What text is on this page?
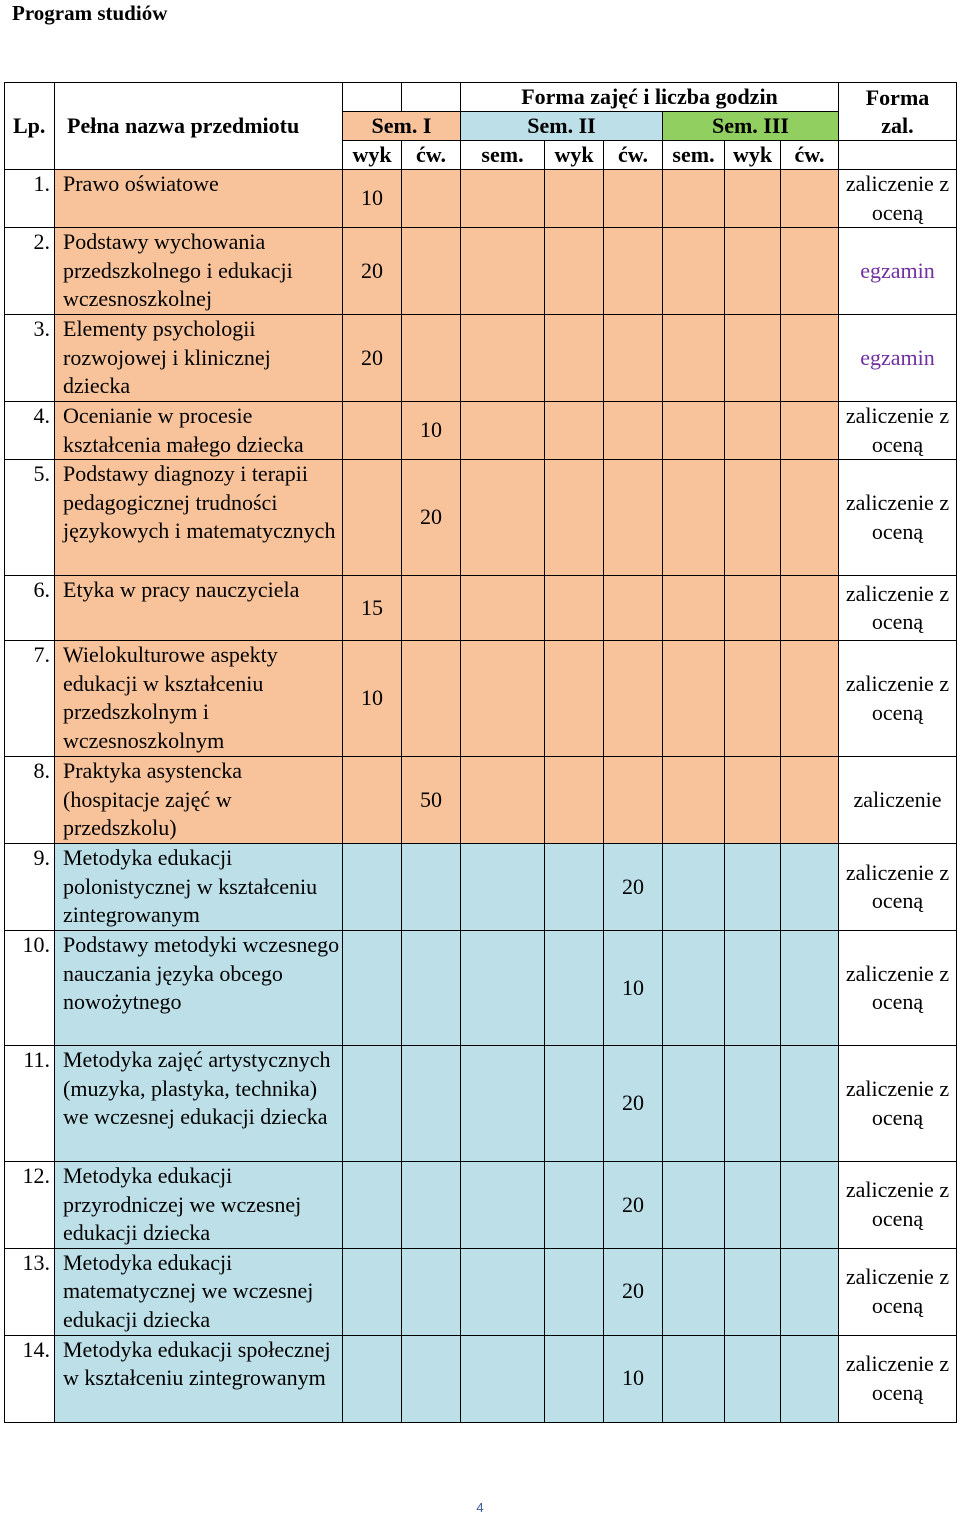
Program studiów
Lp.	Pełna nazwa przedmiotu			Forma zajęć i liczba godzin						Forma
zal.

		Sem. I		Sem. II			Sem. III			
		wyk	ćw.	sem.	wyk	ćw.	sem.	wyk	ćw.	
1.	Prawo oświatowe	10								zaliczenie z oceną
2.	Podstawy wychowania przedszkolnego i edukacji wczesnoszkolnej	20								egzamin
3.	Elementy psychologii rozwojowej i klinicznej dziecka	20								egzamin
4.	Ocenianie w procesie kształcenia małego dziecka		10							zaliczenie z oceną
5.	Podstawy diagnozy i terapii pedagogicznej trudności językowych i matematycznych		20							zaliczenie z oceną
6.	Etyka w pracy nauczyciela	15								zaliczenie z oceną
7.	Wielokulturowe aspekty edukacji w kształceniu przedszkolnym i wczesnoszkolnym	10								zaliczenie z oceną
8.	Praktyka asystencka (hospitacje zajęć w przedszkolu)		50							zaliczenie
9.	Metodyka edukacji polonistycznej w kształceniu zintegrowanym					20				zaliczenie z oceną
10.	Podstawy metodyki wczesnego nauczania języka obcego nowożytnego					10				zaliczenie z oceną
11.	Metodyka zajęć artystycznych (muzyka, plastyka, technika) we wczesnej edukacji dziecka					20				zaliczenie z oceną
12.	Metodyka edukacji przyrodniczej we wczesnej edukacji dziecka					20				zaliczenie z oceną
13.	Metodyka edukacji matematycznej we wczesnej edukacji dziecka					20				zaliczenie z oceną
14.	Metodyka edukacji społecznej w kształceniu zintegrowanym					10				zaliczenie z oceną
4
